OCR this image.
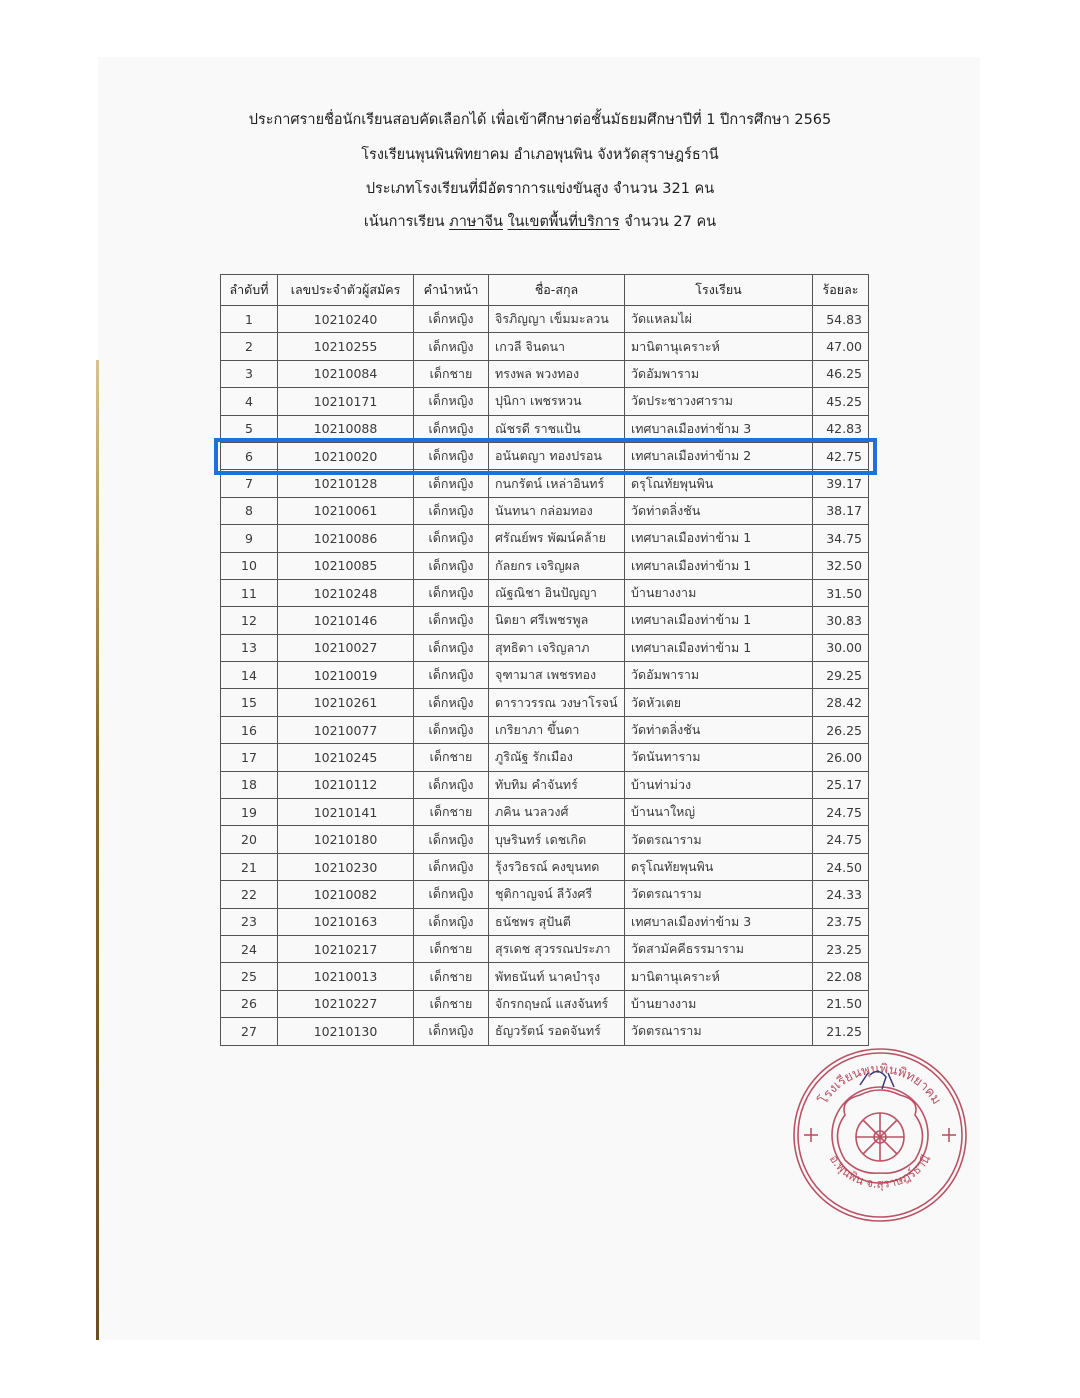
ประกาศรายชื่อนักเรียนสอบคัดเลือกได้ เพื่อเข้าศึกษาต่อชั้นมัธยมศึกษาปีที่ 1 ปีการศึกษา 2565
โรงเรียนพุนพินพิทยาคม อำเภอพุนพิน จังหวัดสุราษฎร์ธานี
ประเภทโรงเรียนที่มีอัตราการแข่งขันสูง จำนวน 321 คน
เน้นการเรียน ภาษาจีน ในเขตพื้นที่บริการ จำนวน 27 คน
ลำดับที่	เลขประจำตัวผู้สมัคร	คำนำหน้า	ชื่อ-สกุล	โรงเรียน	ร้อยละ
1	10210240	เด็กหญิง	จิรภิญญา เข็มมะลวน	วัดแหลมไผ่	54.83
2	10210255	เด็กหญิง	เกวลี จินดนา	มานิตานุเคราะห์	47.00
3	10210084	เด็กชาย	ทรงพล พวงทอง	วัดอัมพาราม	46.25
4	10210171	เด็กหญิง	ปุนิกา เพชรหวน	วัดประชาวงศาราม	45.25
5	10210088	เด็กหญิง	ณัชรดี ราชแป้น	เทศบาลเมืองท่าข้าม 3	42.83
6	10210020	เด็กหญิง	อนันตญา ทองปรอน	เทศบาลเมืองท่าข้าม 2	42.75
7	10210128	เด็กหญิง	กนกรัตน์ เหล่าอินทร์	ดรุโณทัยพุนพิน	39.17
8	10210061	เด็กหญิง	นันทนา กล่อมทอง	วัดท่าตลิ่งชัน	38.17
9	10210086	เด็กหญิง	ศรัณย์พร พัฒน์คล้าย	เทศบาลเมืองท่าข้าม 1	34.75
10	10210085	เด็กหญิง	กัลยกร เจริญผล	เทศบาลเมืองท่าข้าม 1	32.50
11	10210248	เด็กหญิง	ณัฐณิชา อินปัญญา	บ้านยางงาม	31.50
12	10210146	เด็กหญิง	นิตยา ศรีเพชรพูล	เทศบาลเมืองท่าข้าม 1	30.83
13	10210027	เด็กหญิง	สุทธิดา เจริญลาภ	เทศบาลเมืองท่าข้าม 1	30.00
14	10210019	เด็กหญิง	จุฑามาส เพชรทอง	วัดอัมพาราม	29.25
15	10210261	เด็กหญิง	ดาราวรรณ วงษาโรจน์	วัดหัวเตย	28.42
16	10210077	เด็กหญิง	เกริยาภา ขึ้นดา	วัดท่าตลิ่งชัน	26.25
17	10210245	เด็กชาย	ภูริณัฐ รักเมือง	วัดนันทาราม	26.00
18	10210112	เด็กหญิง	ทับทิม คำจันทร์	บ้านท่าม่วง	25.17
19	10210141	เด็กชาย	ภคิน นวลวงศ์	บ้านนาใหญ่	24.75
20	10210180	เด็กหญิง	บุษรินทร์ เดชเกิด	วัดตรณาราม	24.75
21	10210230	เด็กหญิง	รุ้งรวิธรณ์ คงขุนทด	ดรุโณทัยพุนพิน	24.50
22	10210082	เด็กหญิง	ชุติกาญจน์ ลีวังศรี	วัดตรณาราม	24.33
23	10210163	เด็กหญิง	ธนัชพร สุปันตี	เทศบาลเมืองท่าข้าม 3	23.75
24	10210217	เด็กชาย	สุรเดช สุวรรณประภา	วัดสามัคคีธรรมาราม	23.25
25	10210013	เด็กชาย	พัทธนันท์ นาคบำรุง	มานิตานุเคราะห์	22.08
26	10210227	เด็กชาย	จักรกฤษณ์ แสงจันทร์	บ้านยางงาม	21.50
27	10210130	เด็กหญิง	ธัญวรัตน์ รอดจันทร์	วัดตรณาราม	21.25
โรงเรียนพุนพินพิทยาคม
อ.พุนพิน จ.สุราษฎร์ธานี
